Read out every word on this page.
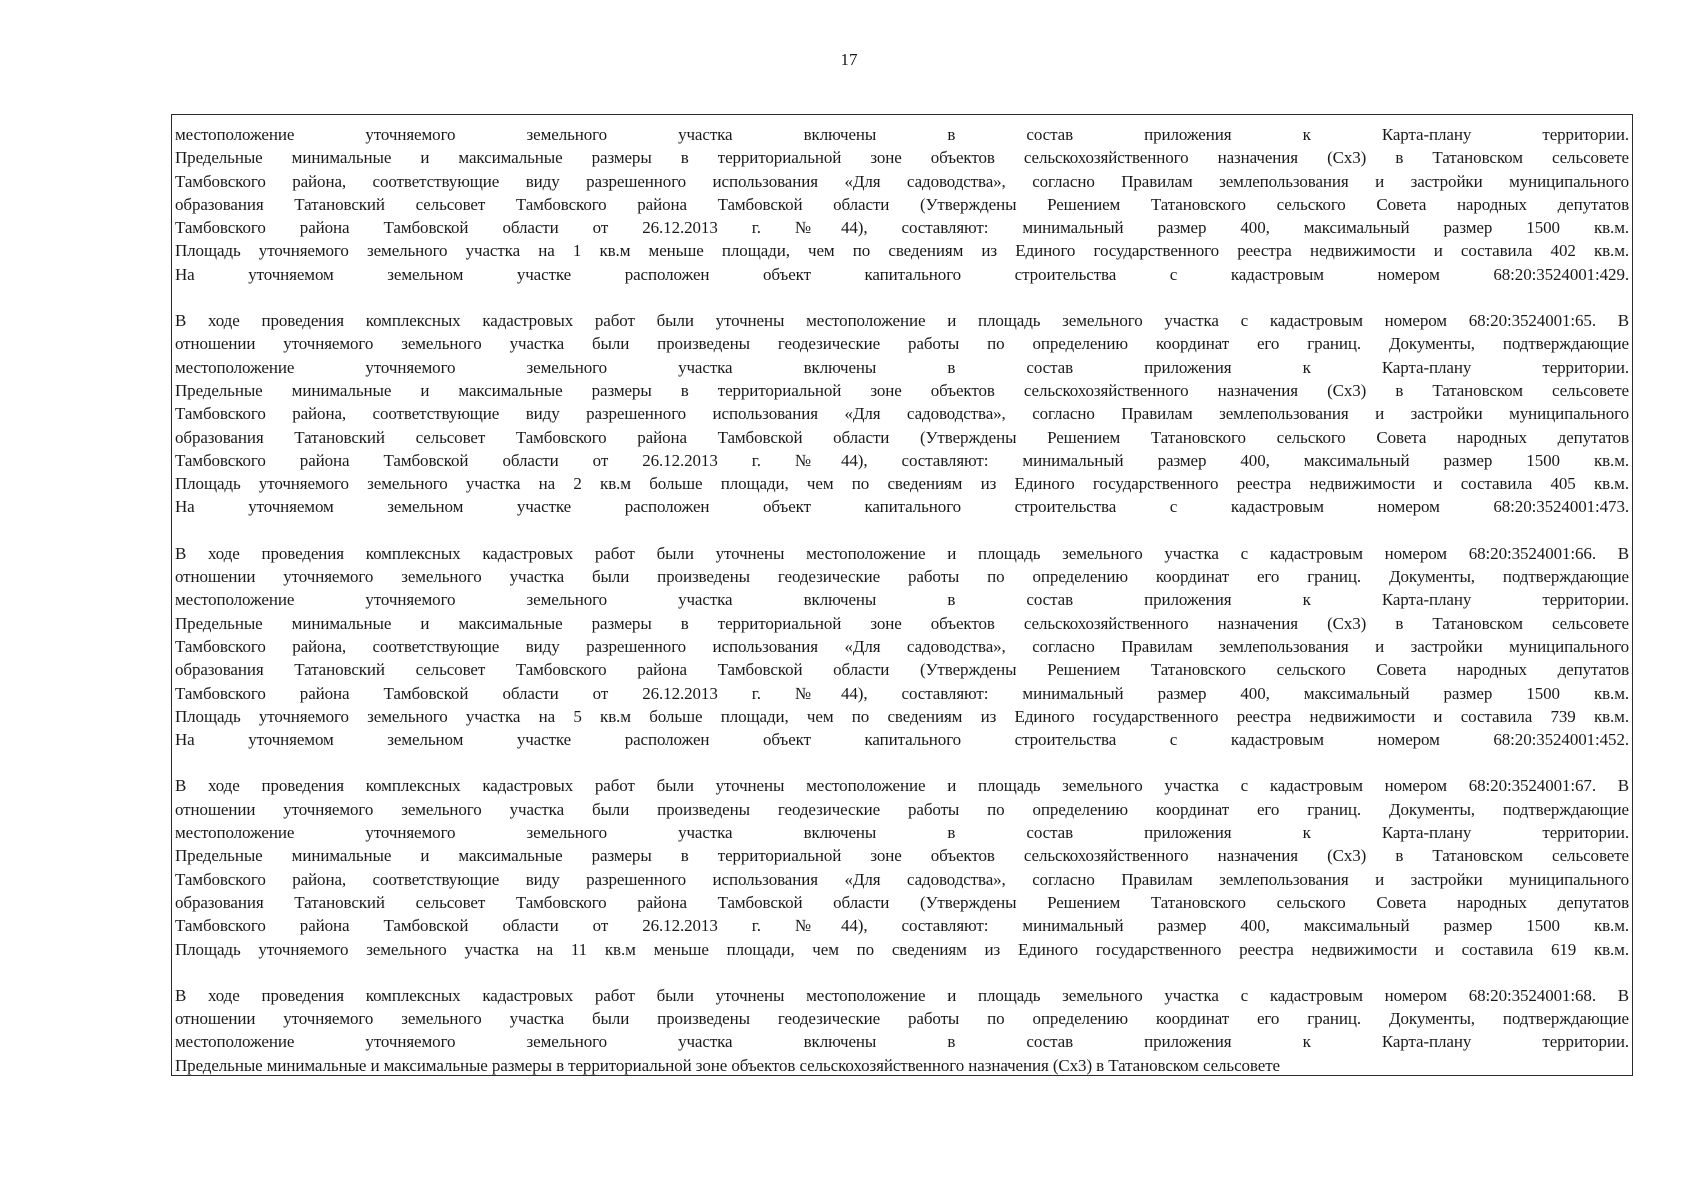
17
местоположение уточняемого земельного участка включены в состав приложения к Карта-плану территории.
Предельные минимальные и максимальные размеры в территориальной зоне объектов сельскохозяйственного назначения (Сх3) в Татановском сельсовете
Тамбовского района, соответствующие виду разрешенного использования «Для садоводства», согласно Правилам землепользования и застройки муниципального
образования Татановский сельсовет Тамбовского района Тамбовской области (Утверждены Решением Татановского сельского Совета народных депутатов
Тамбовского района Тамбовской области от 26.12.2013 г. №44), составляют: минимальный размер 400, максимальный размер 1500 кв.м.
Площадь уточняемого земельного участка на 1 кв.м меньше площади, чем по сведениям из Единого государственного реестра недвижимости и составила 402 кв.м.
На уточняемом земельном участке расположен объект капитального строительства с кадастровым номером 68:20:3524001:429.
В ходе проведения комплексных кадастровых работ были уточнены местоположение и площадь земельного участка с кадастровым номером 68:20:3524001:65. В
отношении уточняемого земельного участка были произведены геодезические работы по определению координат его границ. Документы, подтверждающие
местоположение уточняемого земельного участка включены в состав приложения к Карта-плану территории.
Предельные минимальные и максимальные размеры в территориальной зоне объектов сельскохозяйственного назначения (Сх3) в Татановском сельсовете
Тамбовского района, соответствующие виду разрешенного использования «Для садоводства», согласно Правилам землепользования и застройки муниципального
образования Татановский сельсовет Тамбовского района Тамбовской области (Утверждены Решением Татановского сельского Совета народных депутатов
Тамбовского района Тамбовской области от 26.12.2013 г. №44), составляют: минимальный размер 400, максимальный размер 1500 кв.м.
Площадь уточняемого земельного участка на 2 кв.м больше площади, чем по сведениям из Единого государственного реестра недвижимости и составила 405 кв.м.
На уточняемом земельном участке расположен объект капитального строительства с кадастровым номером 68:20:3524001:473.
В ходе проведения комплексных кадастровых работ были уточнены местоположение и площадь земельного участка с кадастровым номером 68:20:3524001:66. В
отношении уточняемого земельного участка были произведены геодезические работы по определению координат его границ. Документы, подтверждающие
местоположение уточняемого земельного участка включены в состав приложения к Карта-плану территории.
Предельные минимальные и максимальные размеры в территориальной зоне объектов сельскохозяйственного назначения (Сх3) в Татановском сельсовете
Тамбовского района, соответствующие виду разрешенного использования «Для садоводства», согласно Правилам землепользования и застройки муниципального
образования Татановский сельсовет Тамбовского района Тамбовской области (Утверждены Решением Татановского сельского Совета народных депутатов
Тамбовского района Тамбовской области от 26.12.2013 г. №44), составляют: минимальный размер 400, максимальный размер 1500 кв.м.
Площадь уточняемого земельного участка на 5 кв.м больше площади, чем по сведениям из Единого государственного реестра недвижимости и составила 739 кв.м.
На уточняемом земельном участке расположен объект капитального строительства с кадастровым номером 68:20:3524001:452.
В ходе проведения комплексных кадастровых работ были уточнены местоположение и площадь земельного участка с кадастровым номером 68:20:3524001:67. В
отношении уточняемого земельного участка были произведены геодезические работы по определению координат его границ. Документы, подтверждающие
местоположение уточняемого земельного участка включены в состав приложения к Карта-плану территории.
Предельные минимальные и максимальные размеры в территориальной зоне объектов сельскохозяйственного назначения (Сх3) в Татановском сельсовете
Тамбовского района, соответствующие виду разрешенного использования «Для садоводства», согласно Правилам землепользования и застройки муниципального
образования Татановский сельсовет Тамбовского района Тамбовской области (Утверждены Решением Татановского сельского Совета народных депутатов
Тамбовского района Тамбовской области от 26.12.2013 г. №44), составляют: минимальный размер 400, максимальный размер 1500 кв.м.
Площадь уточняемого земельного участка на 11 кв.м меньше площади, чем по сведениям из Единого государственного реестра недвижимости и составила 619 кв.м.
В ходе проведения комплексных кадастровых работ были уточнены местоположение и площадь земельного участка с кадастровым номером 68:20:3524001:68. В
отношении уточняемого земельного участка были произведены геодезические работы по определению координат его границ. Документы, подтверждающие
местоположение уточняемого земельного участка включены в состав приложения к Карта-плану территории.
Предельные минимальные и максимальные размеры в территориальной зоне объектов сельскохозяйственного назначения (Сх3) в Татановском сельсовете
